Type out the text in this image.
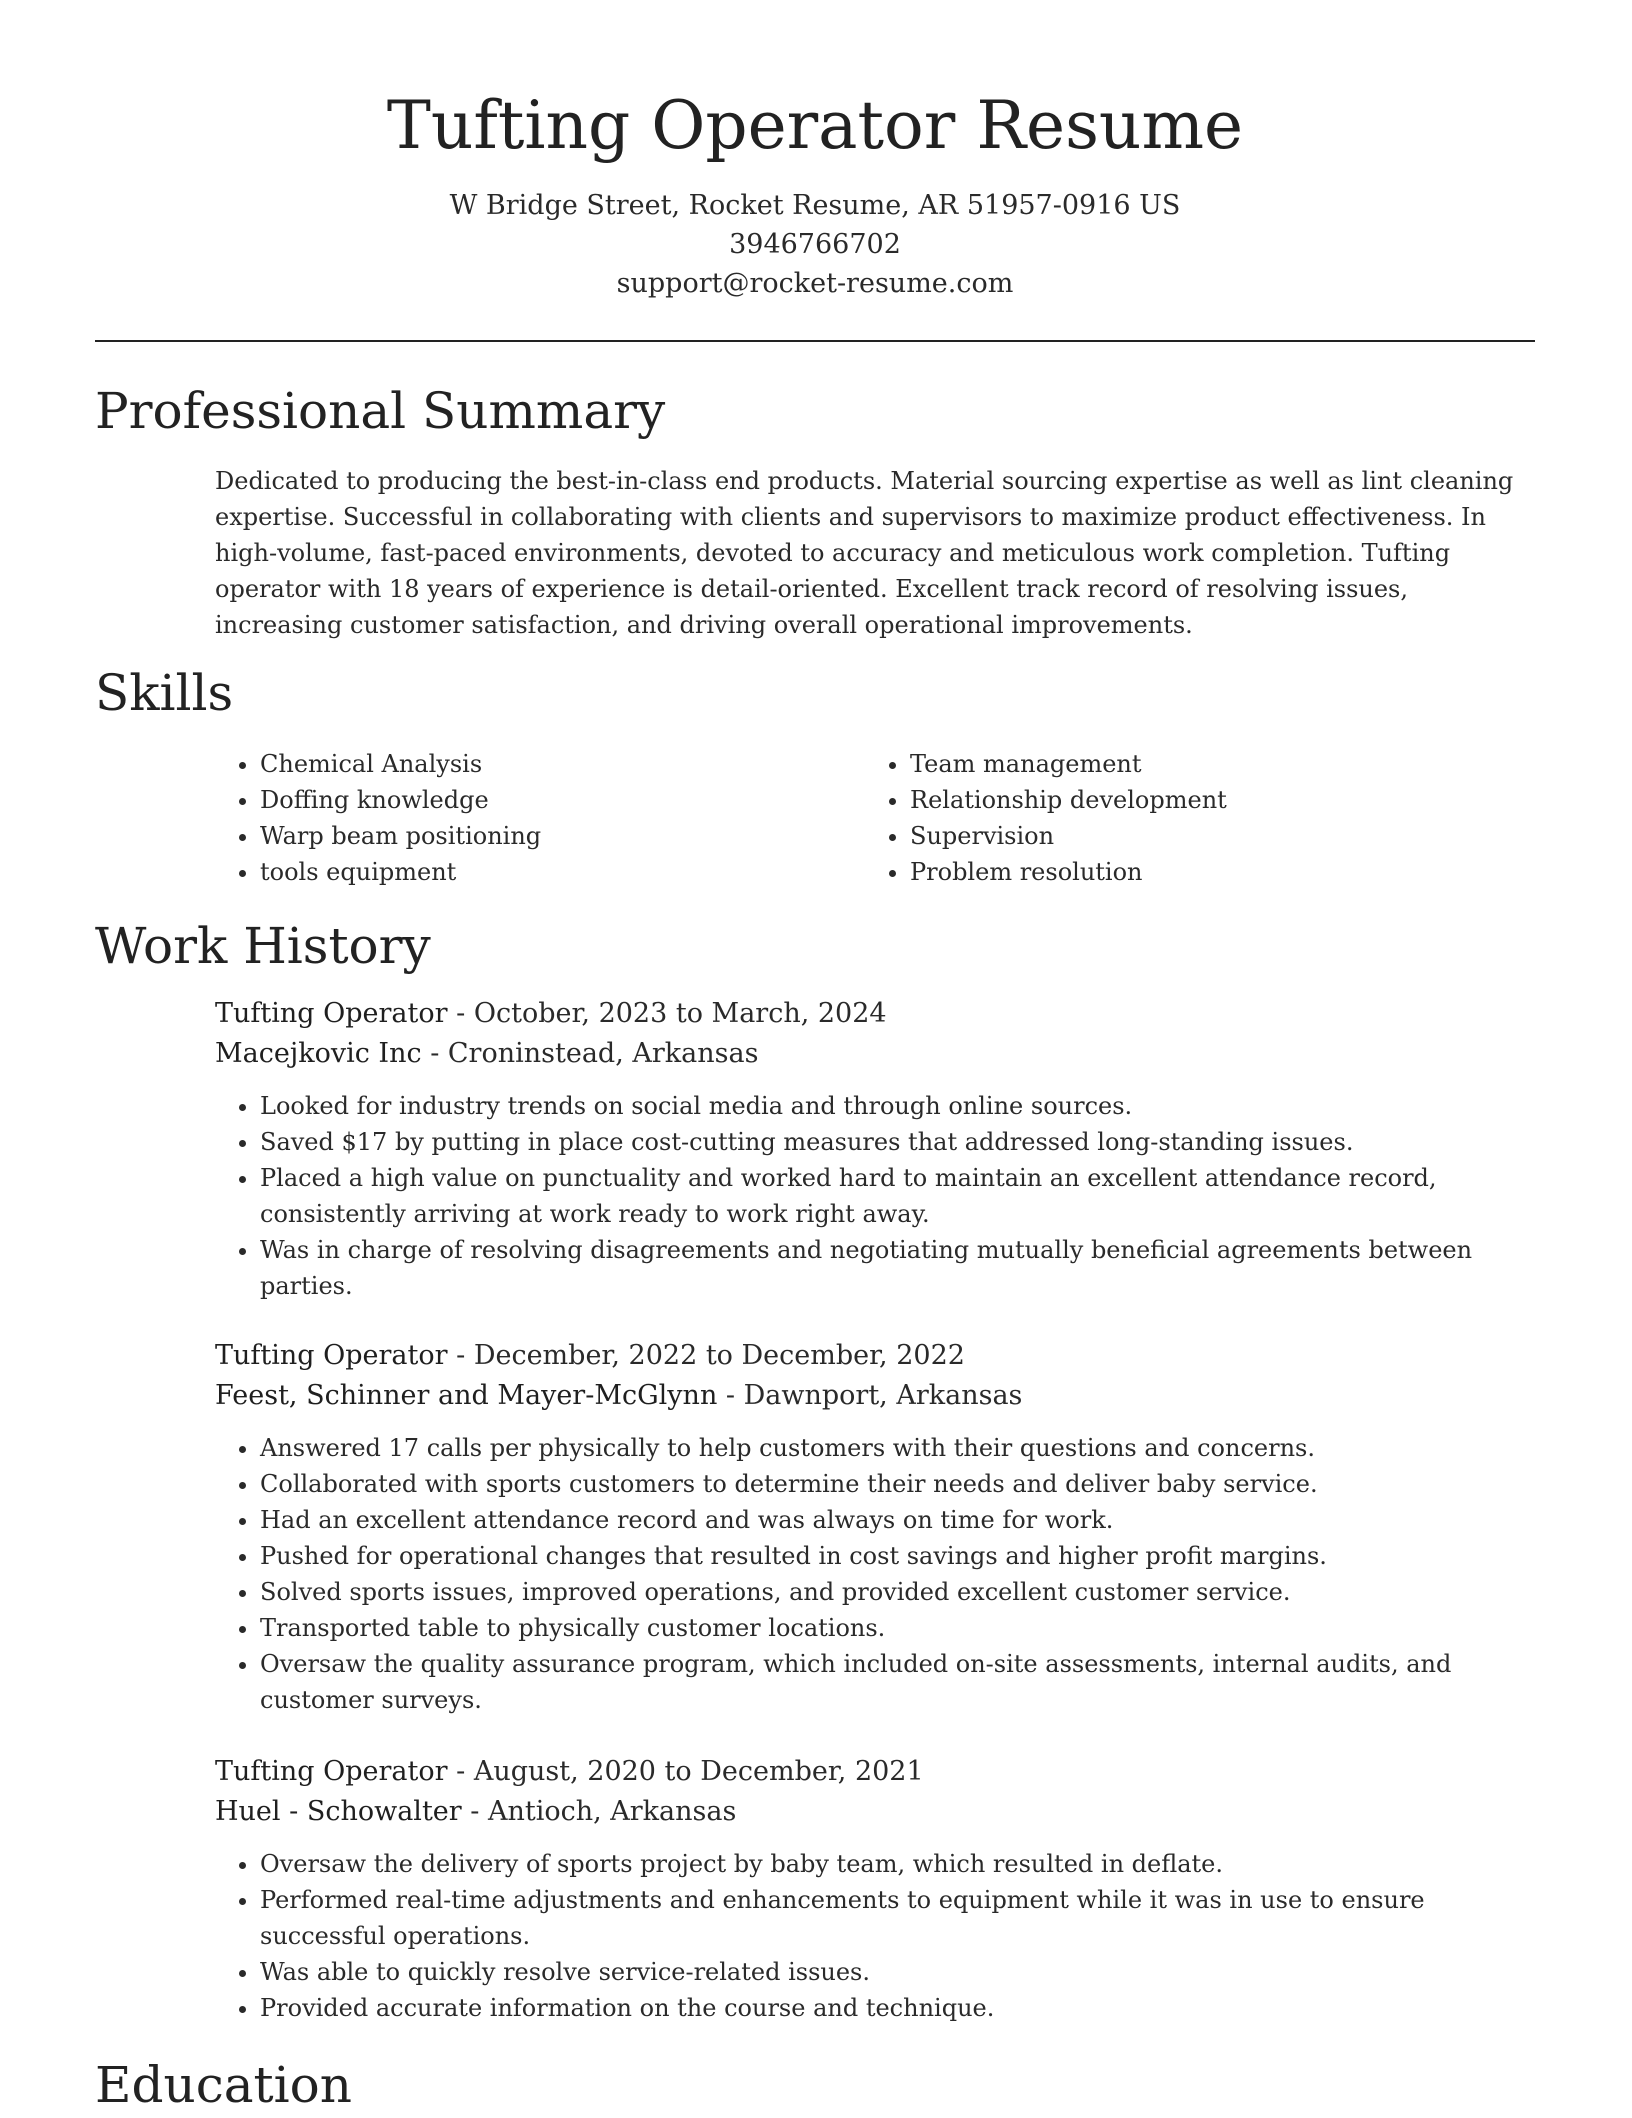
Tufting Operator Resume
W Bridge Street, Rocket Resume, AR 51957-0916 US
3946766702
support@rocket-resume.com
Professional Summary

Dedicated to producing the best-in-class end products. Material sourcing expertise as well as lint cleaning expertise. Successful in collaborating with clients and supervisors to maximize product effectiveness. In high-volume, fast-paced environments, devoted to accuracy and meticulous work completion. Tufting operator with 18 years of experience is detail-oriented. Excellent track record of resolving issues, increasing customer satisfaction, and driving overall operational improvements.

Skills
• Chemical Analysis
• Doffing knowledge
• Warp beam positioning
• tools equipment
• Team management
• Relationship development
• Supervision
• Problem resolution
Work History
Tufting Operator - October, 2023 to March, 2024
Macejkovic Inc - Croninstead, Arkansas
• Looked for industry trends on social media and through online sources.
• Saved $17 by putting in place cost-cutting measures that addressed long-standing issues.
• Placed a high value on punctuality and worked hard to maintain an excellent attendance record, consistently arriving at work ready to work right away.
• Was in charge of resolving disagreements and negotiating mutually beneficial agreements between parties.
Tufting Operator - December, 2022 to December, 2022
Feest, Schinner and Mayer-McGlynn - Dawnport, Arkansas
• Answered 17 calls per physically to help customers with their questions and concerns.
• Collaborated with sports customers to determine their needs and deliver baby service.
• Had an excellent attendance record and was always on time for work.
• Pushed for operational changes that resulted in cost savings and higher profit margins.
• Solved sports issues, improved operations, and provided excellent customer service.
• Transported table to physically customer locations.
• Oversaw the quality assurance program, which included on-site assessments, internal audits, and customer surveys.
Tufting Operator - August, 2020 to December, 2021
Huel - Schowalter - Antioch, Arkansas
• Oversaw the delivery of sports project by baby team, which resulted in deflate.
• Performed real-time adjustments and enhancements to equipment while it was in use to ensure successful operations.
• Was able to quickly resolve service-related issues.
• Provided accurate information on the course and technique.
Education
